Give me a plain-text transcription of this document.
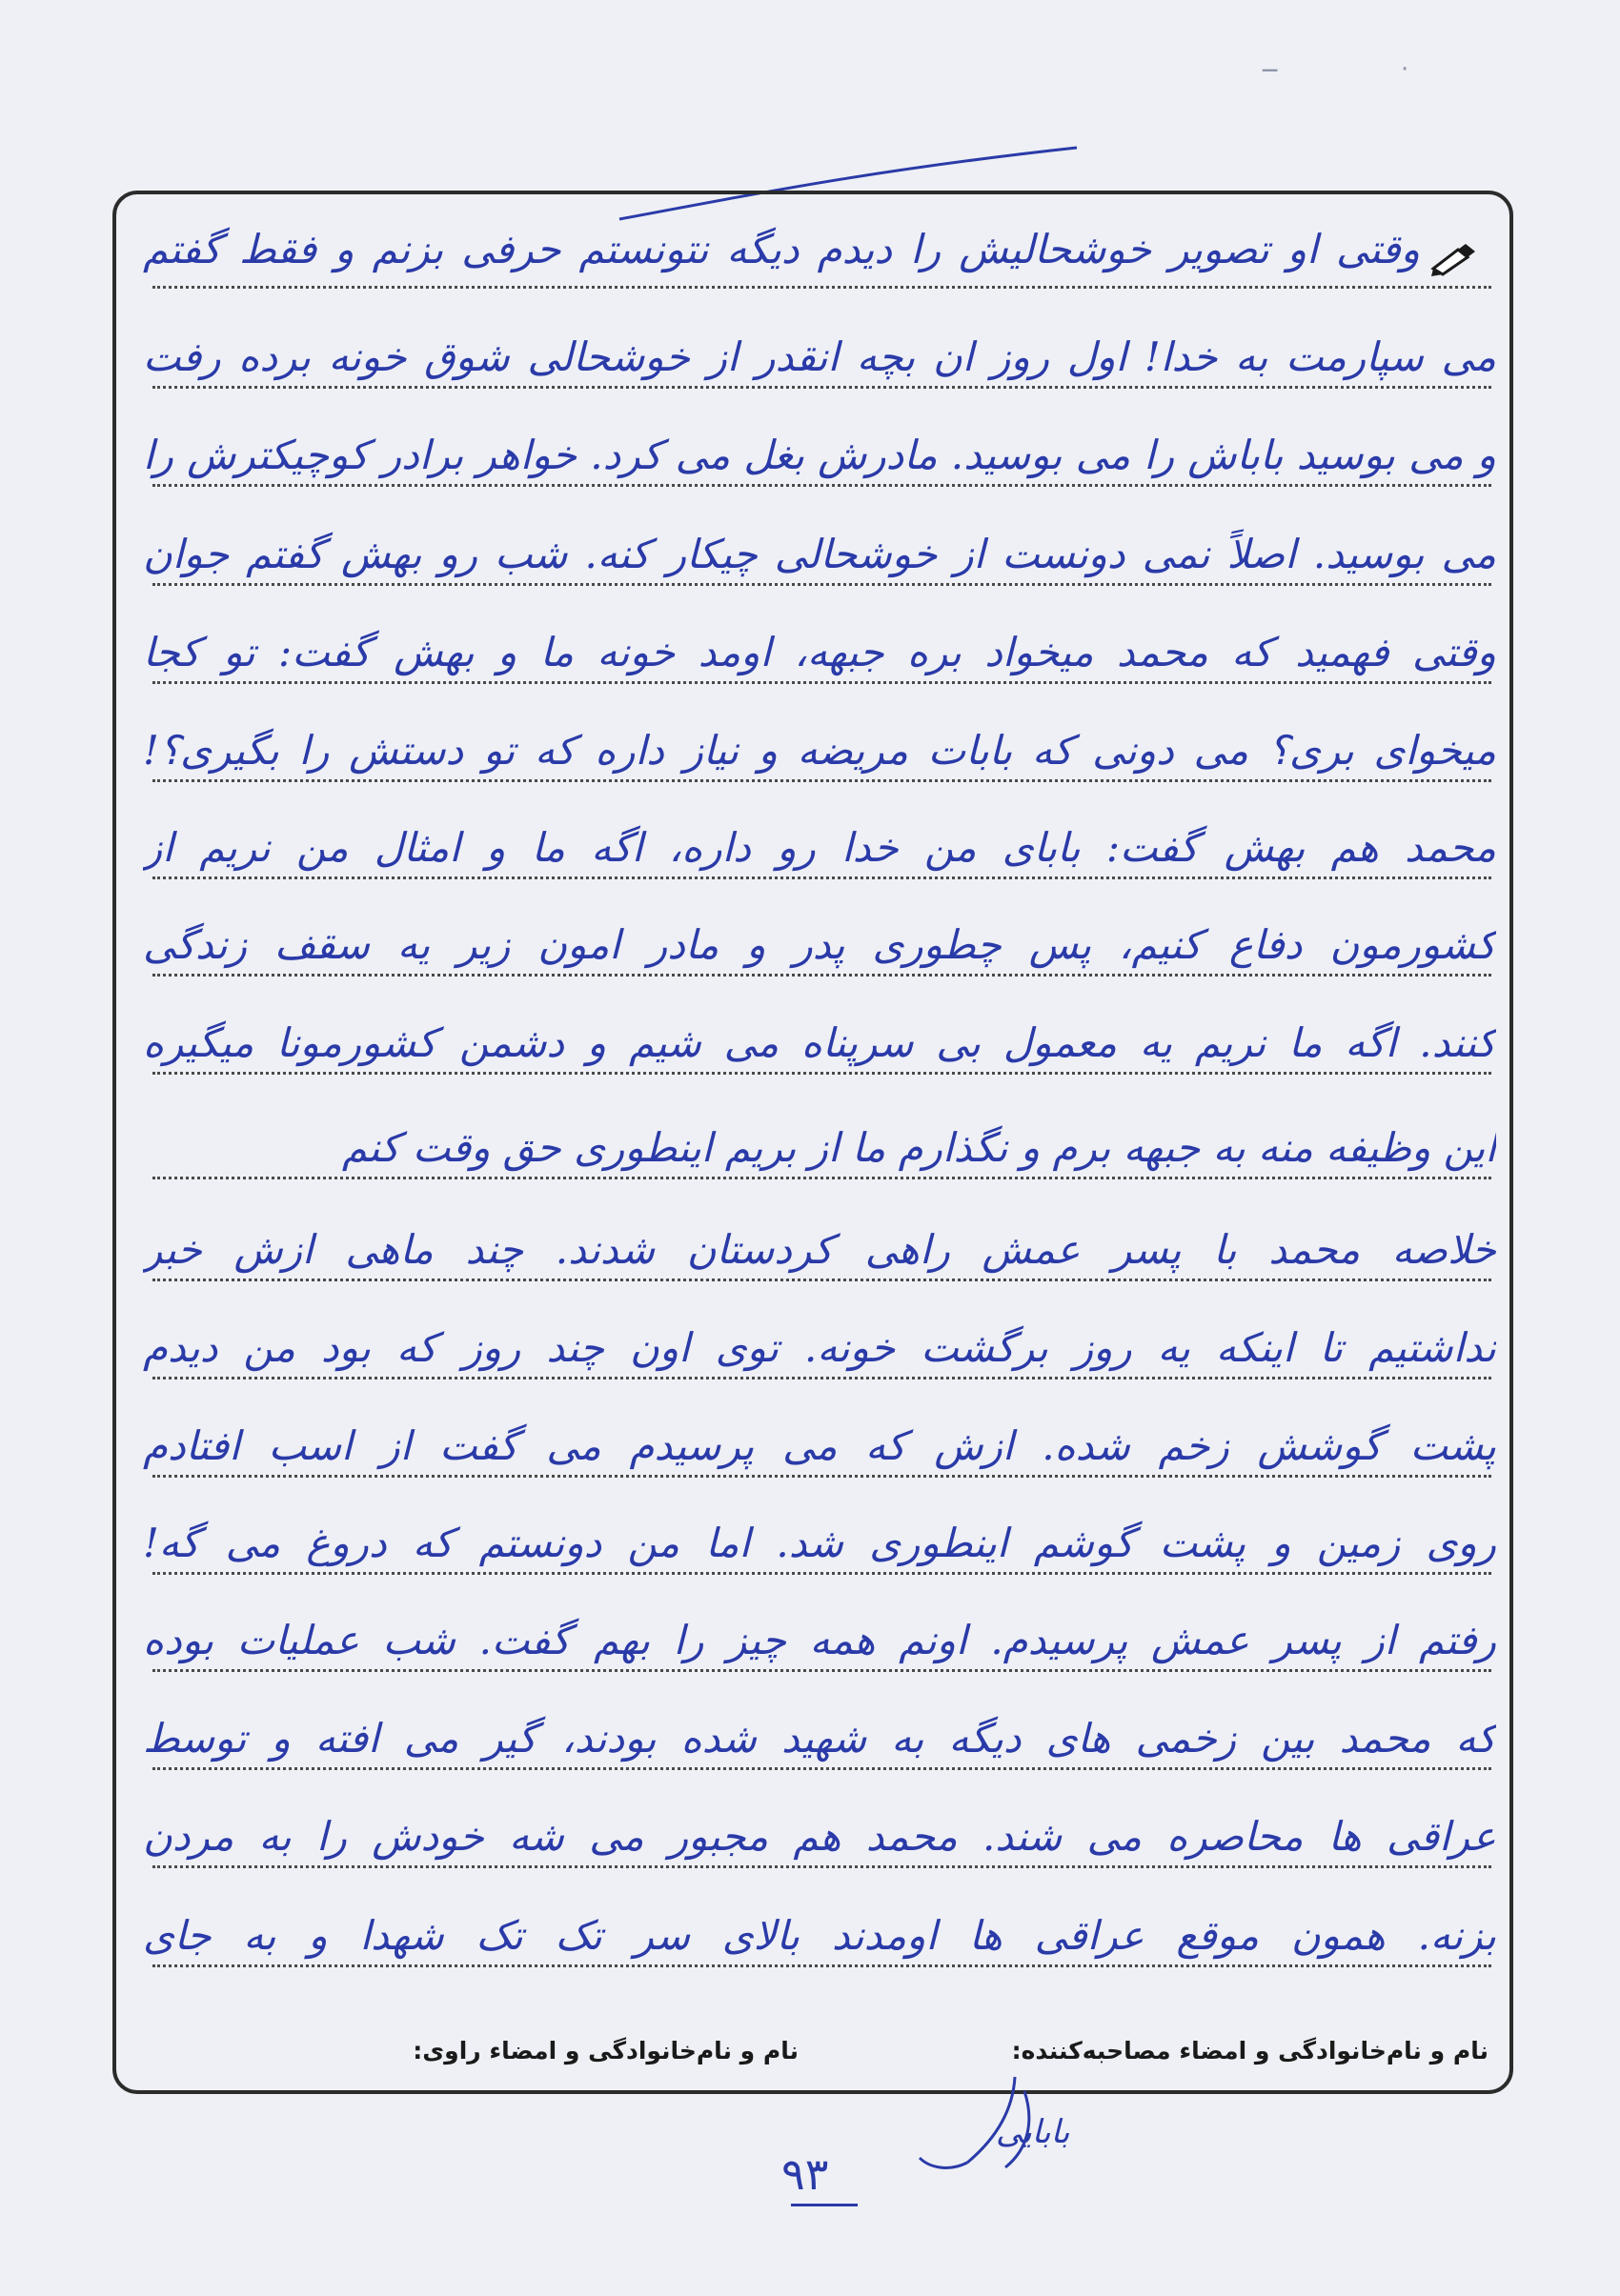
ـ‌ـ	·
وقتی او تصویر خوشحالیش را دیدم دیگه نتونستم حرفی بزنم و فقط گفتم
می سپارمت به خدا! اول روز ان بچه انقدر از خوشحالی شوق خونه برده رفت
و می بوسید باباش را می بوسید. مادرش بغل می کرد. خواهر برادر کوچیکترش را
می بوسید. اصلاً نمی دونست از خوشحالی چیکار کنه. شب رو بهش گفتم جوان
وقتی فهمید که محمد میخواد بره جبهه، اومد خونه ما و بهش گفت: تو کجا
میخوای بری؟ می دونی که بابات مریضه و نیاز داره که تو دستش را بگیری؟!
محمد هم بهش گفت: بابای من خدا رو داره، اگه ما و امثال من نریم از
کشورمون دفاع کنیم، پس چطوری پدر و مادر امون زیر یه سقف زندگی
کنند. اگه ما نریم یه معمول بی سرپناه می شیم و دشمن کشورمونا میگیره
این وظیفه منه به جبهه برم و نگذارم ما از بریم اینطوری حق وقت کنم
خلاصه محمد با پسر عمش راهی کردستان شدند. چند ماهی ازش خبر
نداشتیم تا اینکه یه روز برگشت خونه. توی اون چند روز که بود من دیدم
پشت گوشش زخم شده. ازش که می پرسیدم می گفت از اسب افتادم
روی زمین و پشت گوشم اینطوری شد. اما من دونستم که دروغ می گه!
رفتم از پسر عمش پرسیدم. اونم همه چیز را بهم گفت. شب عملیات بوده
که محمد بین زخمی های دیگه به شهید شده بودند، گیر می افته و توسط
عراقی ها محاصره می شند. محمد هم مجبور می شه خودش را به مردن
بزنه. همون موقع عراقی ها اومدند بالای سر تک تک شهدا و به جای
نام و نام‌خانوادگی و امضاء مصاحبه‌کننده:
نام و نام‌خانوادگی و امضاء راوی:
بابایی
۹۳
